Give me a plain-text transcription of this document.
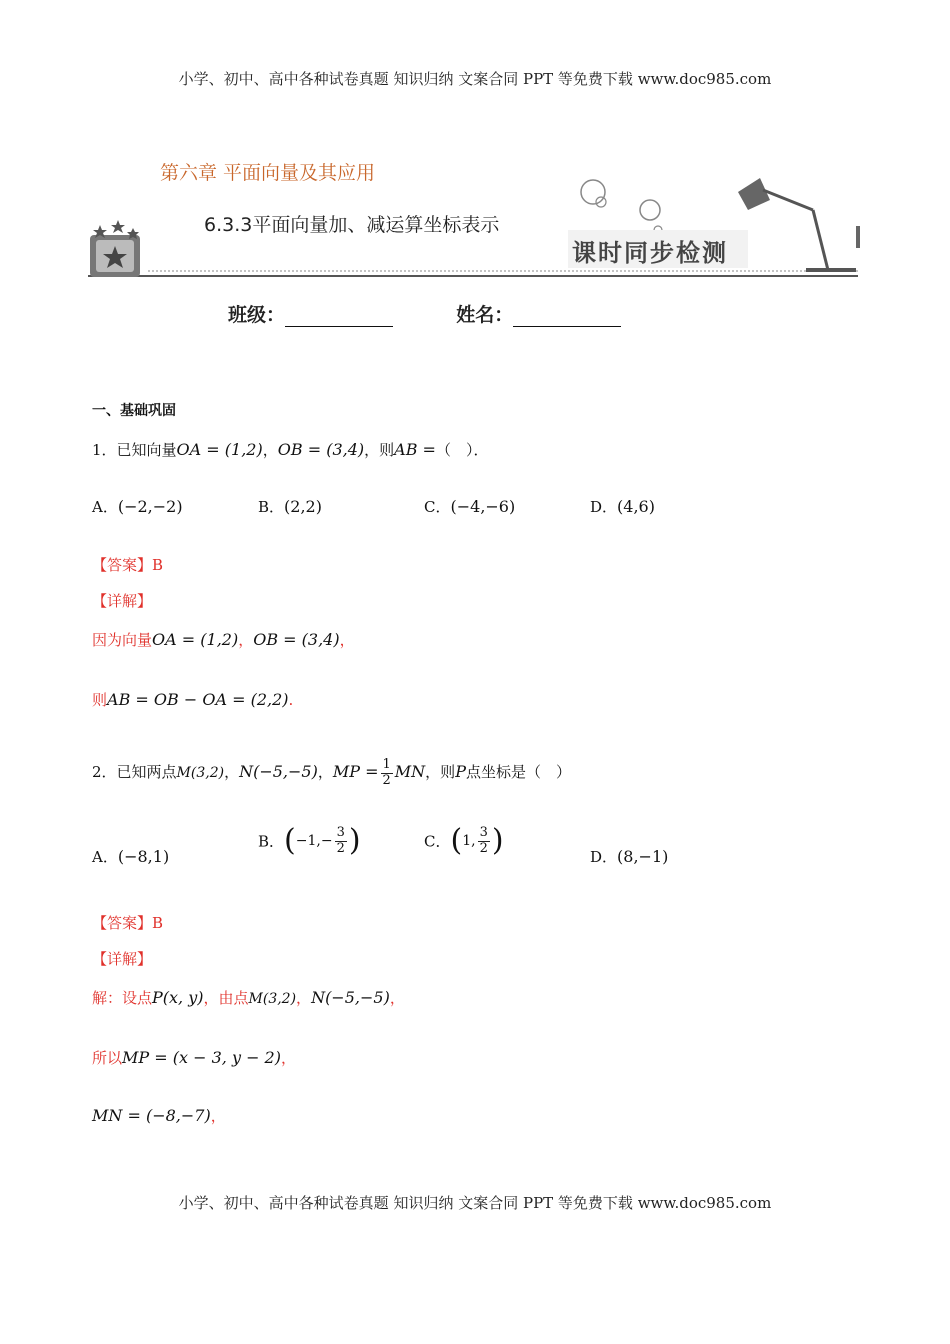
小学、初中、高中各种试卷真题 知识归纳 文案合同 PPT 等免费下载 www.doc985.com
第六章 平面向量及其应用
6.3.3平面向量加、减运算坐标表示
课时同步检测
班级：	姓名：
一、基础巩固
1．已知向量OA = (1,2)，OB = (3,4)，则AB =（　）．
A．(−2,−2)	B．(2,2)	C．(−4,−6)	D．(4,6)
【答案】B
【详解】
因为向量OA = (1,2)，OB = (3,4)，
则AB = OB − OA = (2,2).
2．已知两点M(3,2)，N(−5,−5)，MP = $\frac{1}{2}$ MN，则P点坐标是（　）
A．(−8,1)
B．($-1,- \frac{3}{2}$ )	C．(1, $\frac{3}{2}$ )	D．(8,−1)
【答案】B
【详解】
解：设点P(x, y)，由点M(3,2)，N(−5,−5)，
所以MP = (x − 3, y − 2)，
MN = (−8,−7)，
小学、初中、高中各种试卷真题 知识归纳 文案合同 PPT 等免费下载 www.doc985.com
